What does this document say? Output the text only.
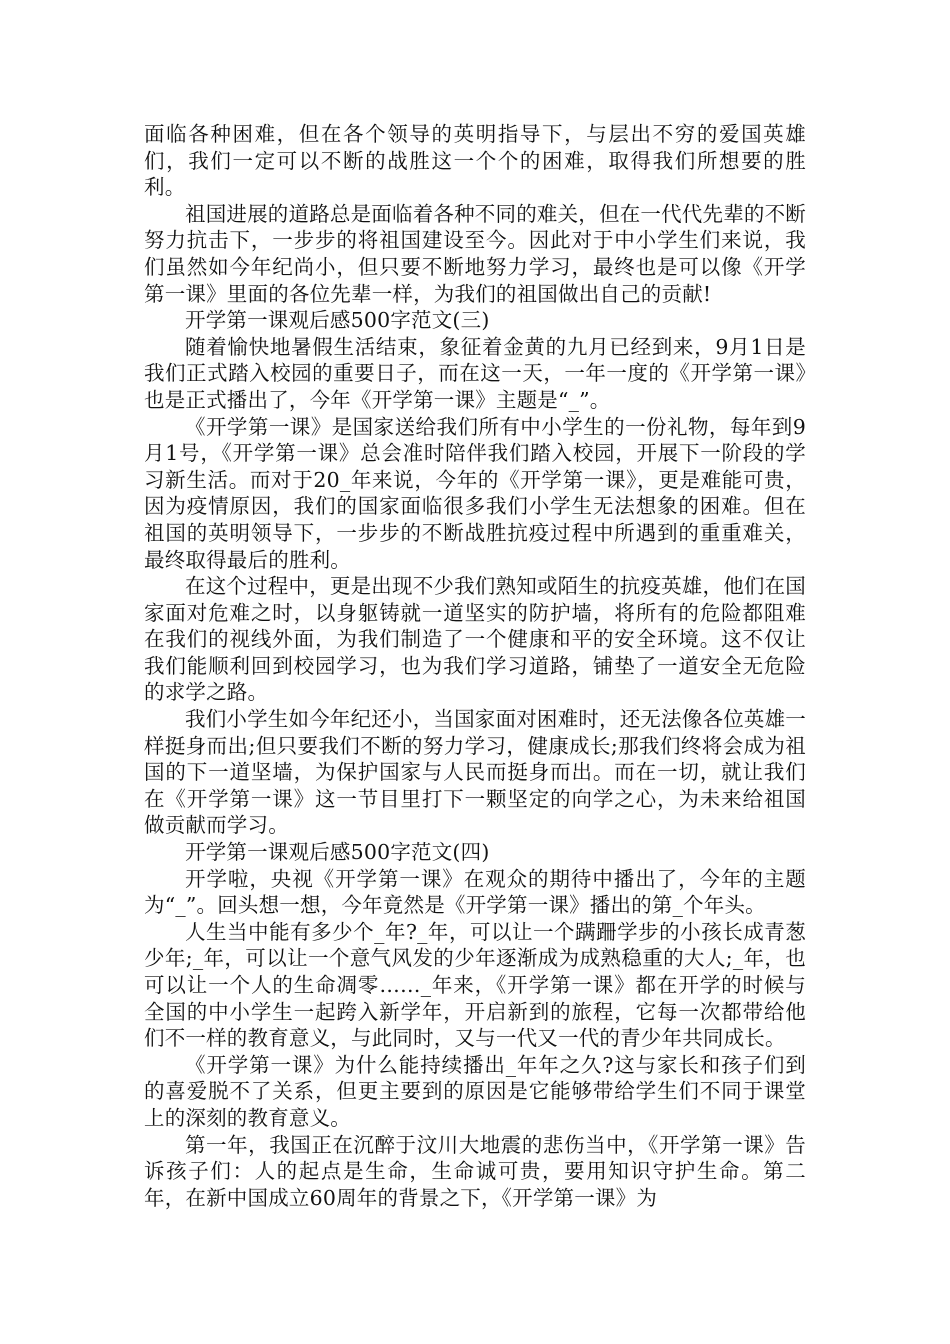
面临各种困难，但在各个领导的英明指导下，与层出不穷的爱国英雄们，我们一定可以不断的战胜这一个个的困难，取得我们所想要的胜利。

祖国进展的道路总是面临着各种不同的难关，但在一代代先辈的不断努力抗击下，一步步的将祖国建设至今。因此对于中小学生们来说，我们虽然如今年纪尚小，但只要不断地努力学习，最终也是可以像《开学第一课》里面的各位先辈一样，为我们的祖国做出自己的贡献!

开学第一课观后感500字范文(三)

随着愉快地暑假生活结束，象征着金黄的九月已经到来，9月1日是我们正式踏入校园的重要日子，而在这一天，一年一度的《开学第一课》也是正式播出了，今年《开学第一课》主题是“_”。

《开学第一课》是国家送给我们所有中小学生的一份礼物，每年到9月1号，《开学第一课》总会准时陪伴我们踏入校园，开展下一阶段的学习新生活。而对于20_年来说，今年的《开学第一课》，更是难能可贵，因为疫情原因，我们的国家面临很多我们小学生无法想象的困难。但在祖国的英明领导下，一步步的不断战胜抗疫过程中所遇到的重重难关，最终取得最后的胜利。

在这个过程中，更是出现不少我们熟知或陌生的抗疫英雄，他们在国家面对危难之时，以身躯铸就一道坚实的防护墙，将所有的危险都阻难在我们的视线外面，为我们制造了一个健康和平的安全环境。这不仅让我们能顺利回到校园学习，也为我们学习道路，铺垫了一道安全无危险的求学之路。

我们小学生如今年纪还小，当国家面对困难时，还无法像各位英雄一样挺身而出;但只要我们不断的努力学习，健康成长;那我们终将会成为祖国的下一道坚墙，为保护国家与人民而挺身而出。而在一切，就让我们在《开学第一课》这一节目里打下一颗坚定的向学之心，为未来给祖国做贡献而学习。

开学第一课观后感500字范文(四)

开学啦，央视《开学第一课》在观众的期待中播出了，今年的主题为“_”。回头想一想，今年竟然是《开学第一课》播出的第_个年头。

人生当中能有多少个_年?_年，可以让一个蹒跚学步的小孩长成青葱少年;_年，可以让一个意气风发的少年逐渐成为成熟稳重的大人;_年，也可以让一个人的生命凋零……_年来，《开学第一课》都在开学的时候与全国的中小学生一起跨入新学年，开启新到的旅程，它每一次都带给他们不一样的教育意义，与此同时，又与一代又一代的青少年共同成长。

《开学第一课》为什么能持续播出_年年之久?这与家长和孩子们到的喜爱脱不了关系，但更主要到的原因是它能够带给学生们不同于课堂上的深刻的教育意义。

第一年，我国正在沉醉于汶川大地震的悲伤当中，《开学第一课》告诉孩子们：人的起点是生命，生命诚可贵，要用知识守护生命。第二年，在新中国成立60周年的背景之下，《开学第一课》为
